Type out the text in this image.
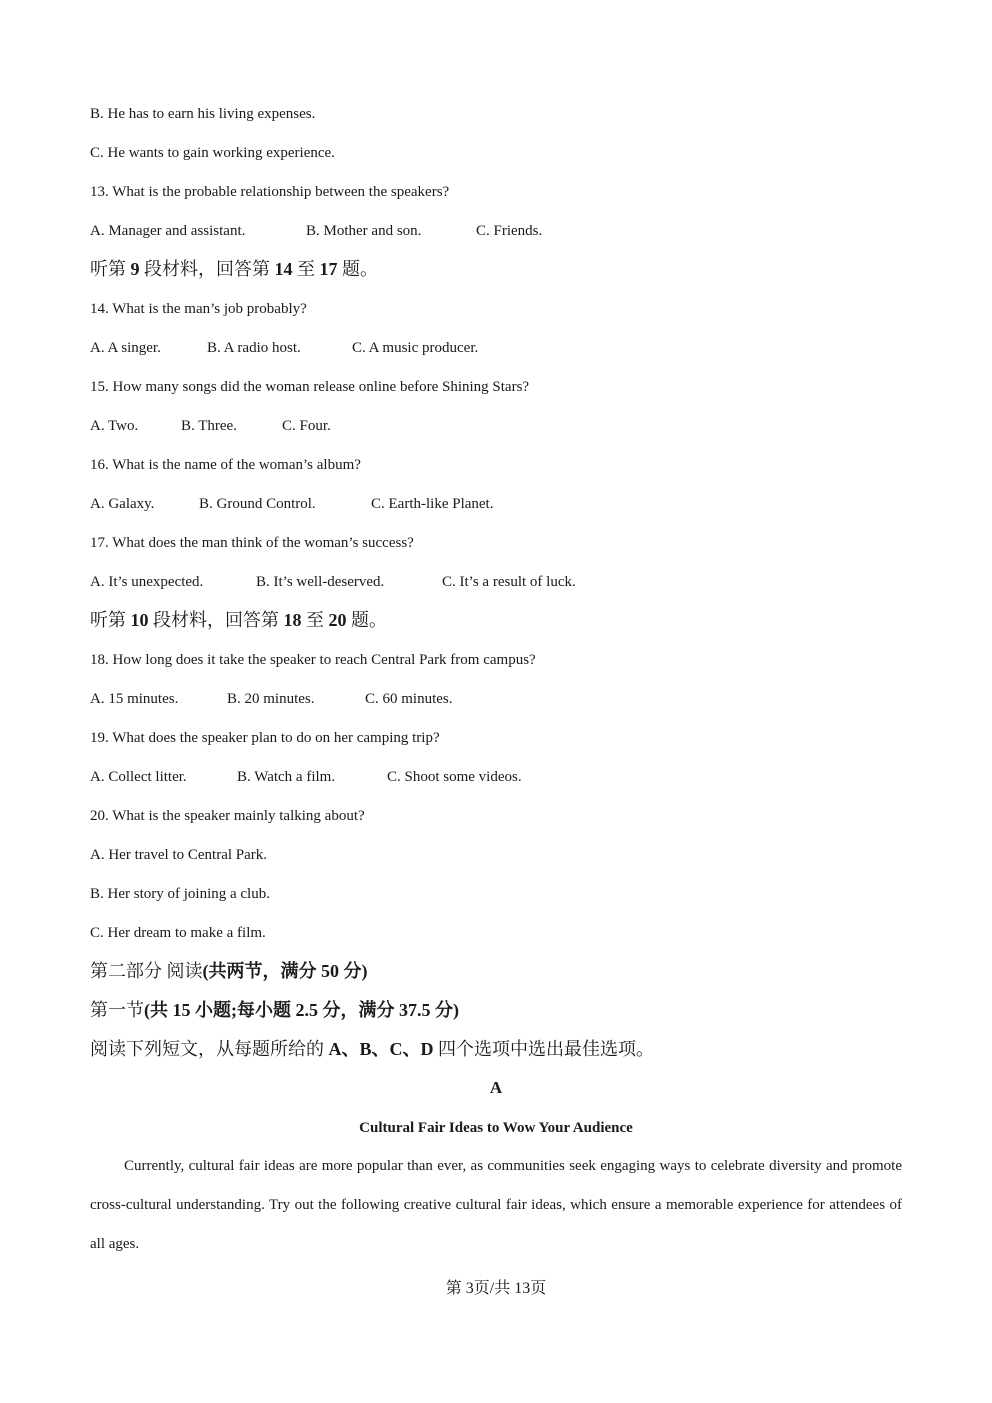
B. He has to earn his living expenses.
C. He wants to gain working experience.
13. What is the probable relationship between the speakers?
A. Manager and assistant.	B. Mother and son.	C. Friends.
听第 9 段材料，回答第 14 至 17 题。
14. What is the man’s job probably?
A. A singer.	B. A radio host.	C. A music producer.
15. How many songs did the woman release online before Shining Stars?
A. Two.	B. Three.	C. Four.
16. What is the name of the woman’s album?
A. Galaxy.	B. Ground Control.	C. Earth-like Planet.
17. What does the man think of the woman’s success?
A. It’s unexpected.	B. It’s well-deserved.	C. It’s a result of luck.
听第 10 段材料，回答第 18 至 20 题。
18. How long does it take the speaker to reach Central Park from campus?
A. 15 minutes.	B. 20 minutes.	C. 60 minutes.
19. What does the speaker plan to do on her camping trip?
A. Collect litter.	B. Watch a film.	C. Shoot some videos.
20. What is the speaker mainly talking about?
A. Her travel to Central Park.
B. Her story of joining a club.
C. Her dream to make a film.
第二部分 阅读(共两节，满分 50 分)
第一节(共 15 小题;每小题 2.5 分，满分 37.5 分)
阅读下列短文，从每题所给的 A、B、C、D 四个选项中选出最佳选项。
A
Cultural Fair Ideas to Wow Your Audience
Currently, cultural fair ideas are more popular than ever, as communities seek engaging ways to celebrate diversity and promote cross-cultural understanding. Try out the following creative cultural fair ideas, which ensure a memorable experience for attendees of all ages.
第 3页/共 13页
